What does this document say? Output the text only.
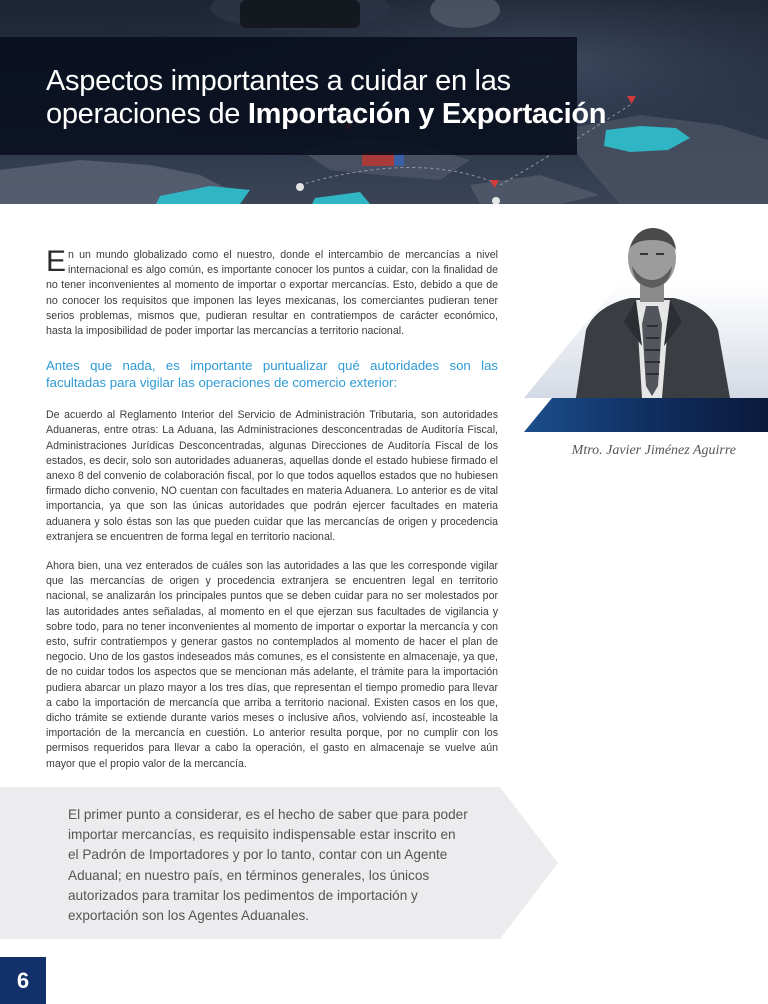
Aspectos importantes a cuidar en las
operaciones de Importación y Exportación

En un mundo globalizado como el nuestro, donde el intercambio de mercancías a nivel internacional es algo común, es importante conocer los puntos a cuidar, con la finalidad de no tener inconvenientes al momento de importar o exportar mercancías. Esto, debido a que de no conocer los requisitos que imponen las leyes mexicanas, los comerciantes pudieran tener serios problemas, mismos que, pudieran resultar en contratiempos de carácter económico, hasta la imposibilidad de poder importar las mercancías a territorio nacional.

Antes que nada, es importante puntualizar qué autoridades son las facultadas para vigilar las operaciones de comercio exterior:

De acuerdo al Reglamento Interior del Servicio de Administración Tributaria, son autoridades Aduaneras, entre otras: La Aduana, las Administraciones desconcentradas de Auditoría Fiscal, Administraciones Jurídicas Desconcentradas, algunas Direcciones de Auditoría Fiscal de los estados, es decir, solo son autoridades aduaneras, aquellas donde el estado hubiese firmado el anexo 8 del convenio de colaboración fiscal, por lo que todos aquellos estados que no hubiesen firmado dicho convenio, NO cuentan con facultades en materia Aduanera. Lo anterior es de vital importancia, ya que son las únicas autoridades que podrán ejercer facultades en materia aduanera y solo éstas son las que pueden cuidar que las mercancías de origen y procedencia extranjera se encuentren de forma legal en territorio nacional.

Ahora bien, una vez enterados de cuáles son las autoridades a las que les corresponde vigilar que las mercancías de origen y procedencia extranjera se encuentren legal en territorio nacional, se analizarán los principales puntos que se deben cuidar para no ser molestados por las autoridades antes señaladas, al momento en el que ejerzan sus facultades de vigilancia y sobre todo, para no tener inconvenientes al momento de importar o exportar la mercancía y con esto, sufrir contratiempos y generar gastos no contemplados al momento de hacer el plan de negocio. Uno de los gastos indeseados más comunes, es el consistente en almacenaje, ya que, de no cuidar todos los aspectos que se mencionan más adelante, el trámite para la importación pudiera abarcar un plazo mayor a los tres días, que representan el tiempo promedio para llevar a cabo la importación de mercancía que arriba a territorio nacional. Existen casos en los que, dicho trámite se extiende durante varios meses o inclusive años, volviendo así, incosteable la importación de la mercancía en cuestión. Lo anterior resulta porque, por no cumplir con los permisos requeridos para llevar a cabo la operación, el gasto en almacenaje se vuelve aún mayor que el propio valor de la mercancía.

Mtro. Javier Jiménez Aguirre

El primer punto a considerar, es el hecho de saber que para poder importar mercancías, es requisito indispensable estar inscrito en el Padrón de Importadores y por lo tanto, contar con un Agente Aduanal; en nuestro país, en términos generales, los únicos autorizados para tramitar los pedimentos de importación y exportación son los Agentes Aduanales.

6
